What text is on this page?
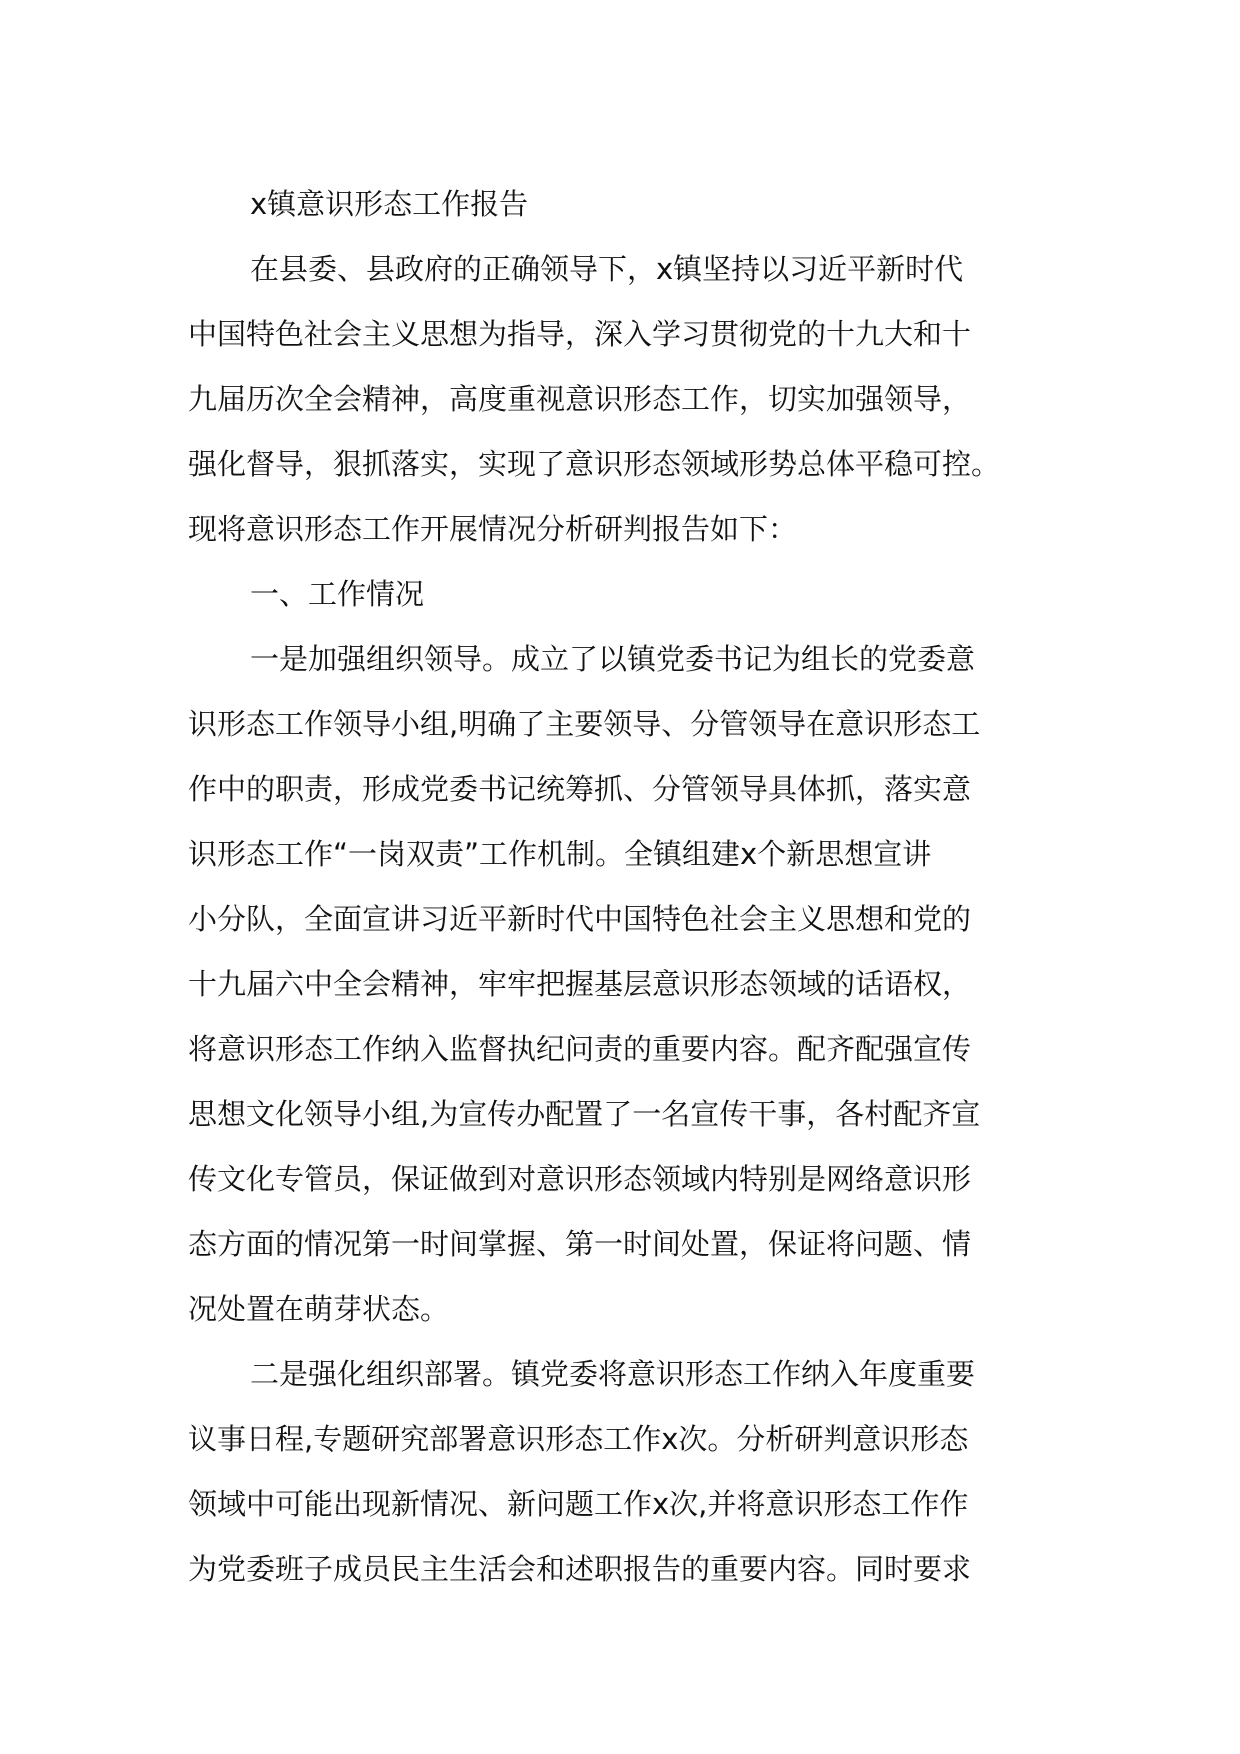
x镇意识形态工作报告

在县委、县政府的正确领导下，x镇坚持以习近平新时代

中国特色社会主义思想为指导，深入学习贯彻党的十九大和十

九届历次全会精神，高度重视意识形态工作，切实加强领导，

强化督导，狠抓落实，实现了意识形态领域形势总体平稳可控。

现将意识形态工作开展情况分析研判报告如下：

一、工作情况

一是加强组织领导。成立了以镇党委书记为组长的党委意

识形态工作领导小组,明确了主要领导、分管领导在意识形态工

作中的职责，形成党委书记统筹抓、分管领导具体抓，落实意

识形态工作“一岗双责”工作机制。全镇组建x个新思想宣讲

小分队，全面宣讲习近平新时代中国特色社会主义思想和党的

十九届六中全会精神，牢牢把握基层意识形态领域的话语权，

将意识形态工作纳入监督执纪问责的重要内容。配齐配强宣传

思想文化领导小组,为宣传办配置了一名宣传干事，各村配齐宣

传文化专管员，保证做到对意识形态领域内特别是网络意识形

态方面的情况第一时间掌握、第一时间处置，保证将问题、情

况处置在萌芽状态。

二是强化组织部署。镇党委将意识形态工作纳入年度重要

议事日程,专题研究部署意识形态工作x次。分析研判意识形态

领域中可能出现新情况、新问题工作x次,并将意识形态工作作

为党委班子成员民主生活会和述职报告的重要内容。同时要求
